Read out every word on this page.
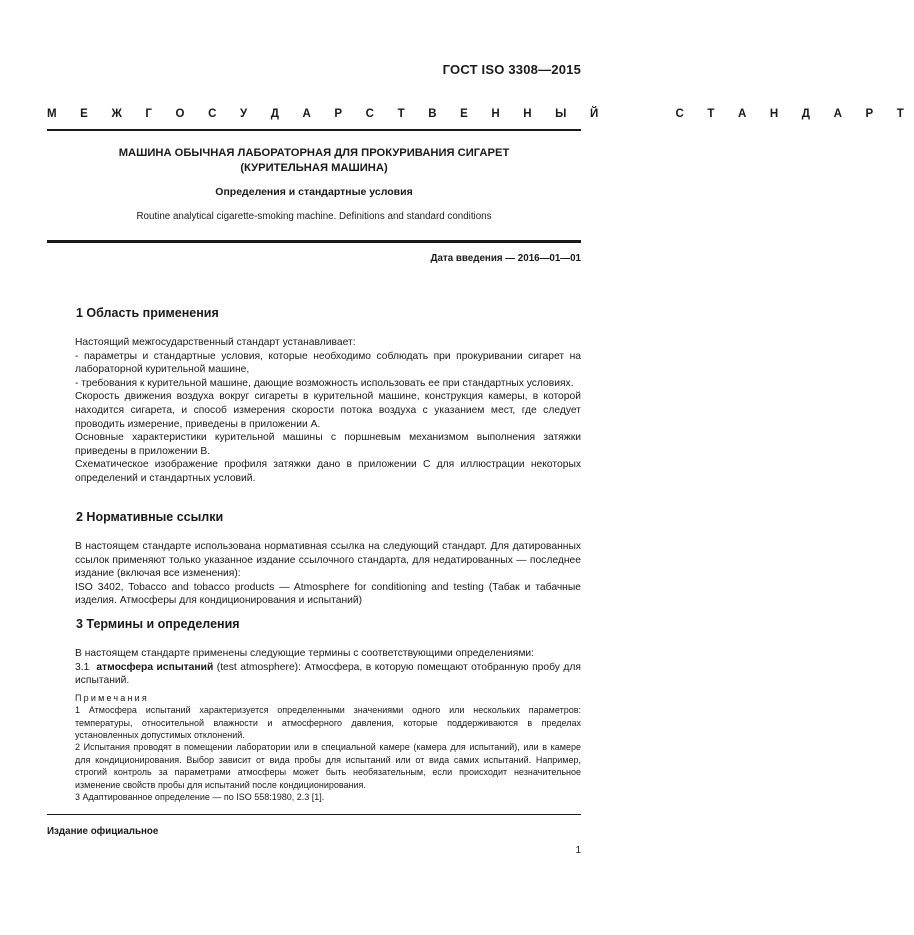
ГОСТ ISO 3308—2015
М Е Ж Г О С У Д А Р С Т В Е Н Н Ы Й     С Т А Н Д А Р Т
МАШИНА ОБЫЧНАЯ ЛАБОРАТОРНАЯ ДЛЯ ПРОКУРИВАНИЯ СИГАРЕТ
(КУРИТЕЛЬНАЯ МАШИНА)
Определения и стандартные условия
Routine analytical cigarette-smoking machine. Definitions and standard conditions
Дата введения — 2016—01—01
1 Область применения

Настоящий межгосударственный стандарт устанавливает:

- параметры и стандартные условия, которые необходимо соблюдать при прокуривании сигарет на лабораторной курительной машине,

- требования к курительной машине, дающие возможность использовать ее при стандартных условиях.

Скорость движения воздуха вокруг сигареты в курительной машине, конструкция камеры, в которой находится сигарета, и способ измерения скорости потока воздуха с указанием мест, где следует проводить измерение, приведены в приложении А.

Основные характеристики курительной машины с поршневым механизмом выполнения затяжки приведены в приложении В.

Схематическое изображение профиля затяжки дано в приложении С для иллюстрации некоторых определений и стандартных условий.

2 Нормативные ссылки

В настоящем стандарте использована нормативная ссылка на следующий стандарт. Для датированных ссылок применяют только указанное издание ссылочного стандарта, для недатированных — последнее издание (включая все изменения):

ISO 3402, Tobacco and tobacco products — Atmosphere for conditioning and testing (Табак и табачные изделия. Атмосферы для кондиционирования и испытаний)

3 Термины и определения

В настоящем стандарте применены следующие термины с соответствующими определениями:

3.1 атмосфера испытаний (test atmosphere): Атмосфера, в которую помещают отобранную пробу для испытаний.

Примечания

1 Атмосфера испытаний характеризуется определенными значениями одного или нескольких параметров: температуры, относительной влажности и атмосферного давления, которые поддерживаются в пределах установленных допустимых отклонений.

2 Испытания проводят в помещении лаборатории или в специальной камере (камера для испытаний), или в камере для кондиционирования. Выбор зависит от вида пробы для испытаний или от вида самих испытаний. Например, строгий контроль за параметрами атмосферы может быть необязательным, если происходит незначительное изменение свойств пробы для испытаний после кондиционирования.

3 Адаптированное определение — по ISO 558:1980, 2.3 [1].

Издание официальное
1
